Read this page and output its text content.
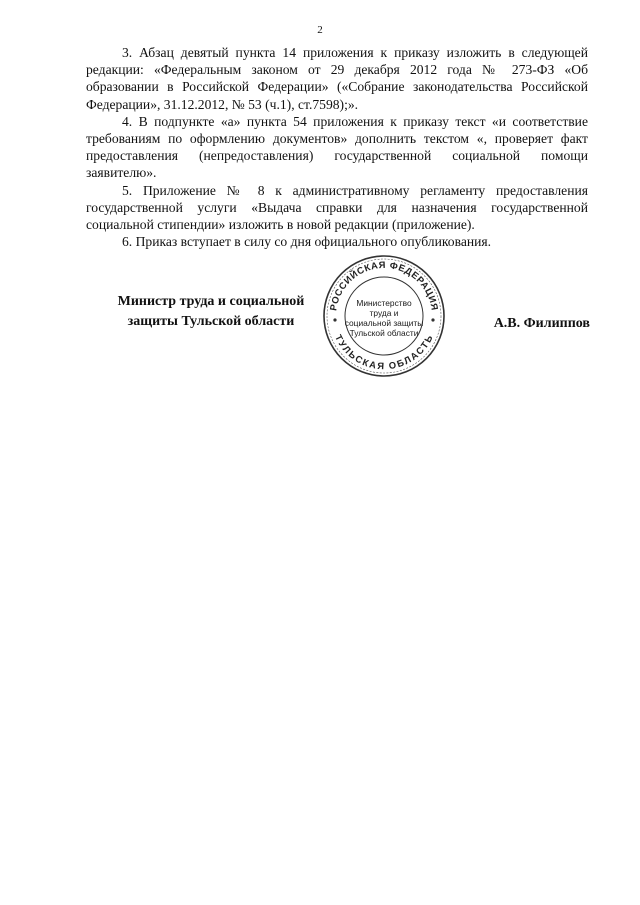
2

3. Абзац девятый пункта 14 приложения к приказу изложить в следующей редакции: «Федеральным законом от 29 декабря 2012 года № 273-ФЗ «Об образовании в Российской Федерации» («Собрание законодательства Российской Федерации», 31.12.2012, № 53 (ч.1), ст.7598);».

4. В подпункте «а» пункта 54 приложения к приказу текст «и соответствие требованиям по оформлению документов» дополнить текстом «, проверяет факт предоставления (непредоставления) государственной социальной помощи заявителю».

5. Приложение № 8 к административному регламенту предоставления государственной услуги «Выдача справки для назначения государственной социальной стипендии» изложить в новой редакции (приложение).

6. Приказ вступает в силу со дня официального опубликования.

Министр труда и социальной
защиты Тульской области
РОССИЙСКАЯ ФЕДЕРАЦИЯ
ТУЛЬСКАЯ ОБЛАСТЬ
Министерство
труда и
социальной защиты
Тульской области
А.В. Филиппов
